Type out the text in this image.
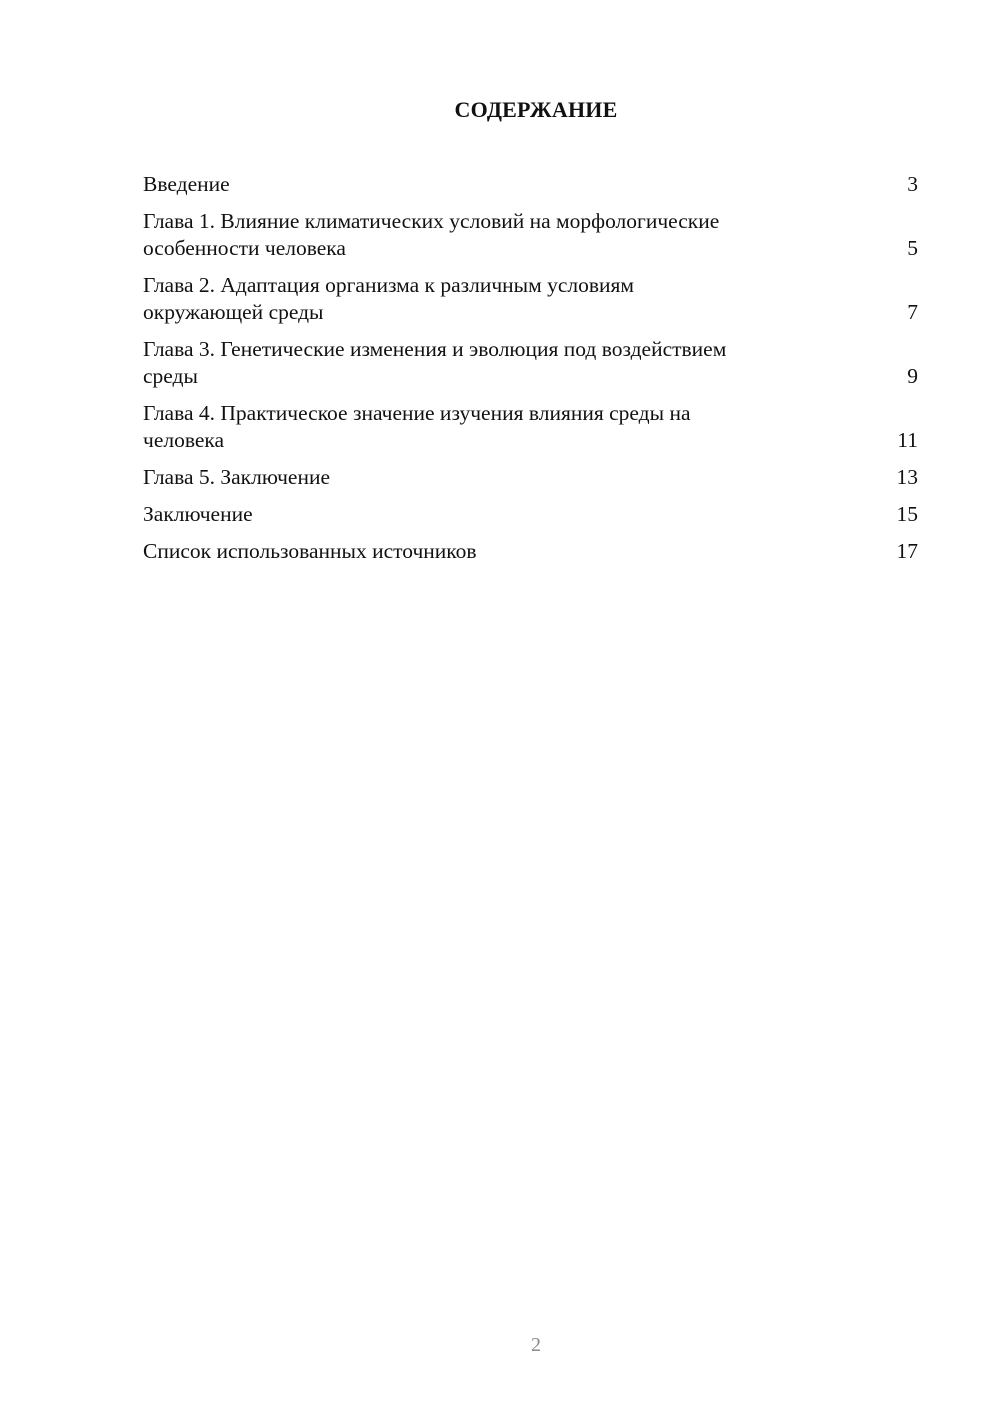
СОДЕРЖАНИЕ
Введение	3
Глава 1. Влияние климатических условий на морфологические
особенности человека	5
Глава 2. Адаптация организма к различным условиям
окружающей среды	7
Глава 3. Генетические изменения и эволюция под воздействием
среды	9
Глава 4. Практическое значение изучения влияния среды на
человека	11
Глава 5. Заключение	13
Заключение	15
Список использованных источников	17
2
